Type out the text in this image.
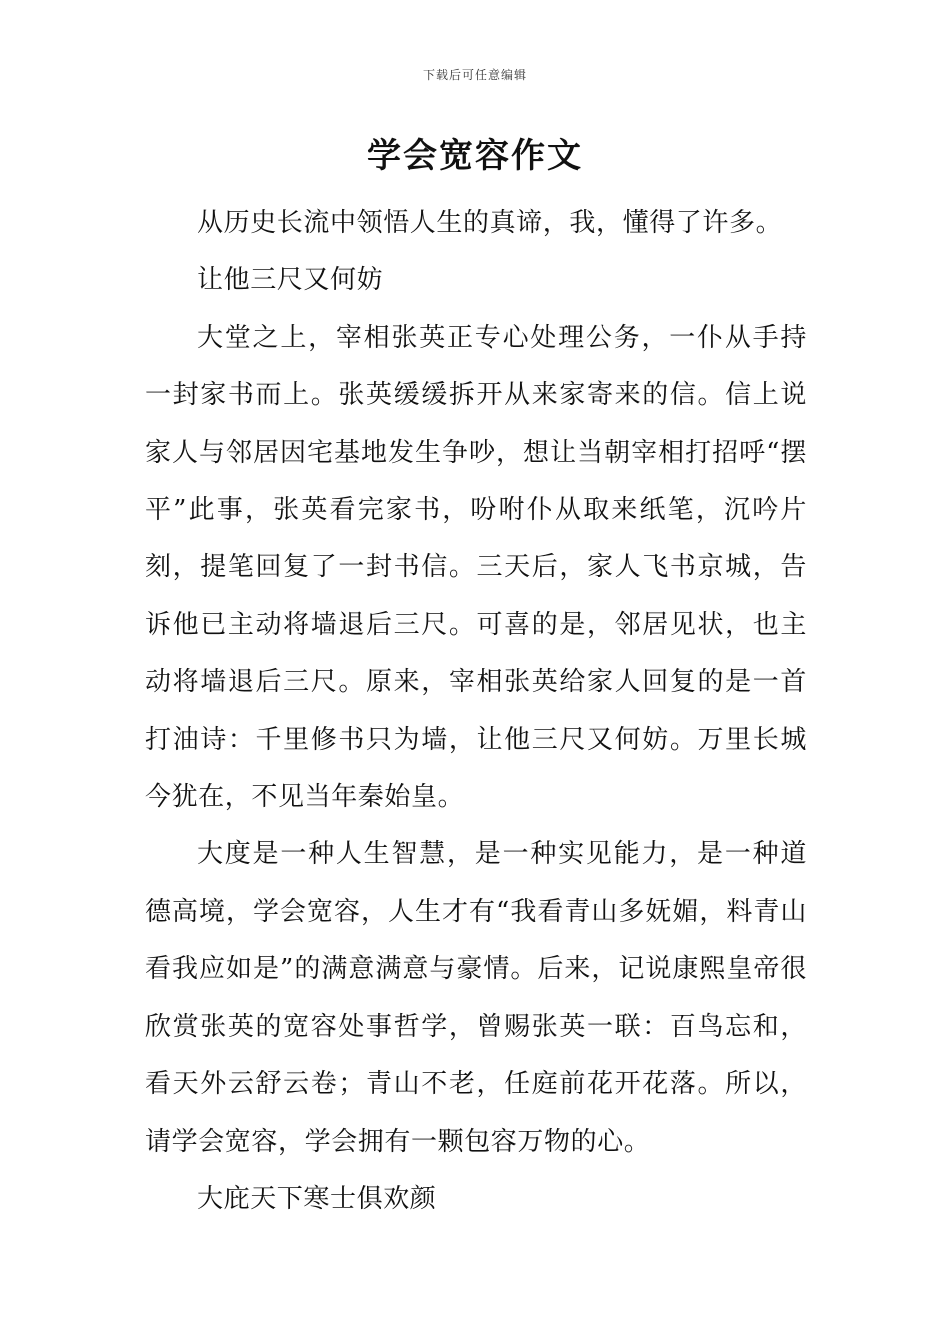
下载后可任意编辑
学会宽容作文

从历史长流中领悟人生的真谛，我，懂得了许多。

让他三尺又何妨

大堂之上，宰相张英正专心处理公务，一仆从手持一封家书而上。张英缓缓拆开从来家寄来的信。信上说家人与邻居因宅基地发生争吵，想让当朝宰相打招呼“摆平”此事，张英看完家书，吩咐仆从取来纸笔，沉吟片刻，提笔回复了一封书信。三天后，家人飞书京城，告诉他已主动将墙退后三尺。可喜的是，邻居见状，也主动将墙退后三尺。原来，宰相张英给家人回复的是一首打油诗：千里修书只为墙，让他三尺又何妨。万里长城今犹在，不见当年秦始皇。

大度是一种人生智慧，是一种实见能力，是一种道德高境，学会宽容，人生才有“我看青山多妩媚，料青山看我应如是”的满意满意与豪情。后来，记说康熙皇帝很欣赏张英的宽容处事哲学，曾赐张英一联：百鸟忘和，看天外云舒云卷；青山不老，任庭前花开花落。所以，请学会宽容，学会拥有一颗包容万物的心。

大庇天下寒士俱欢颜
